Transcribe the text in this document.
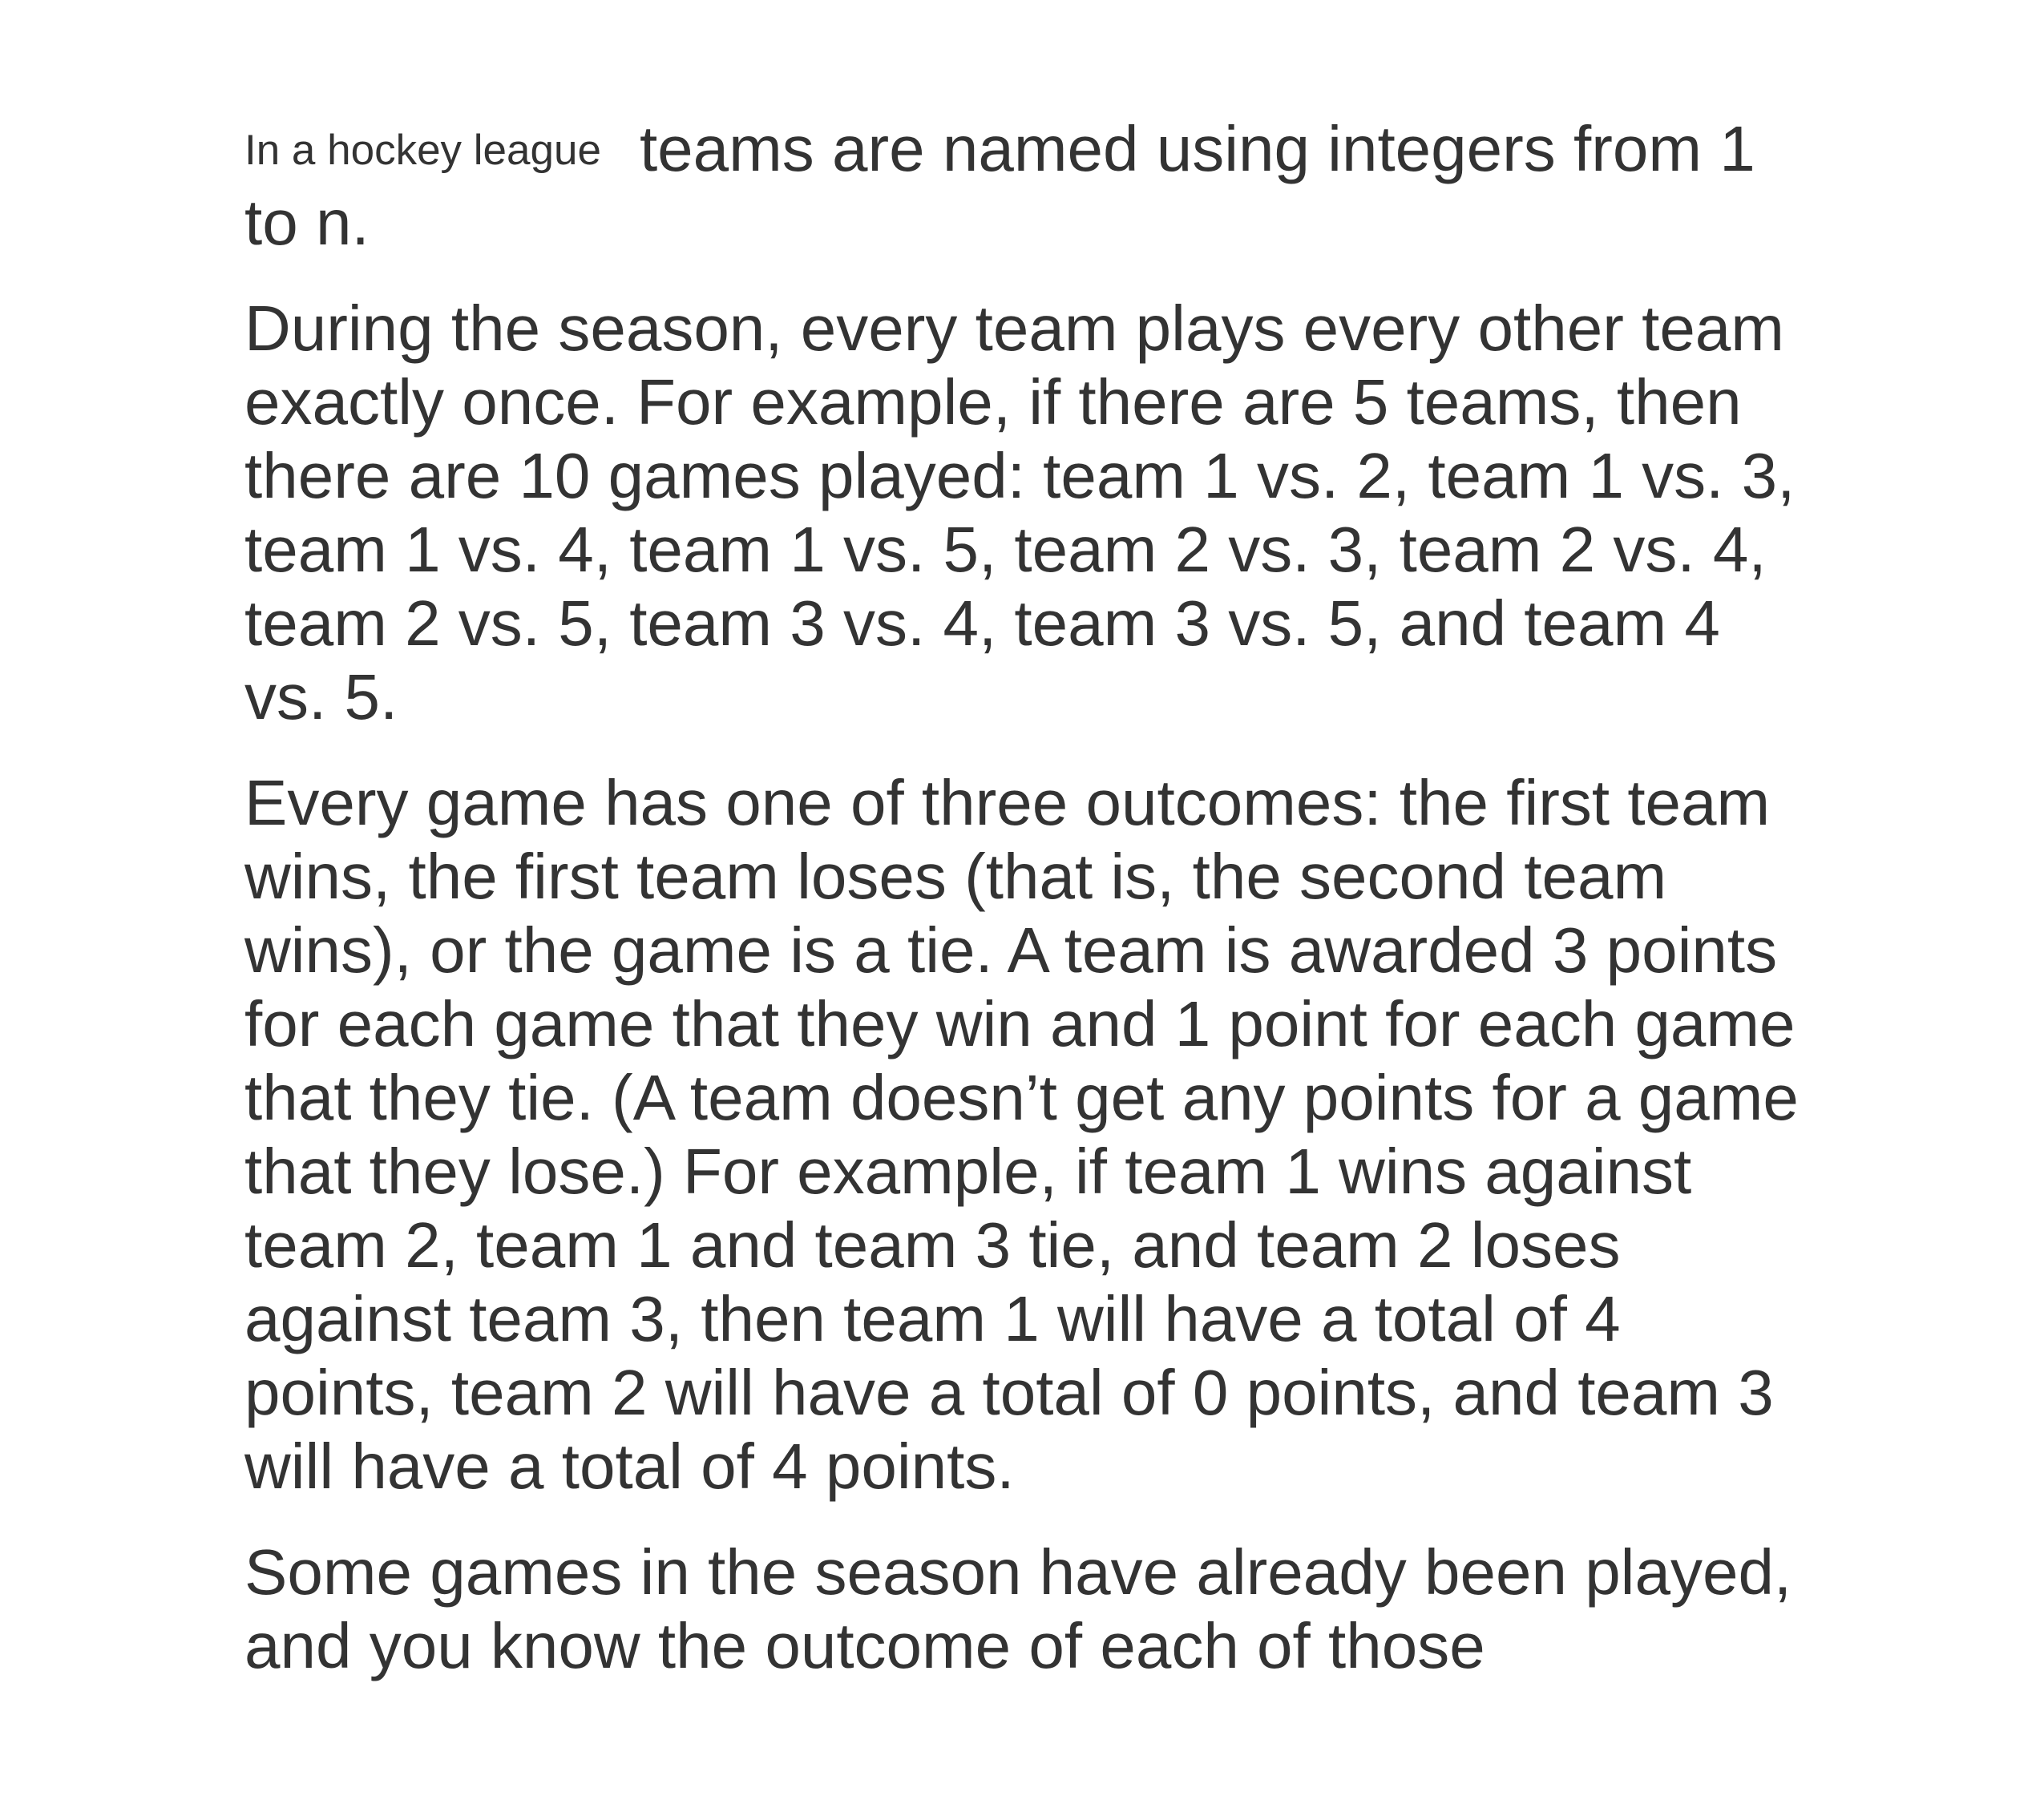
In a hockey league teams are named using integers from 1
to n.
During the season, every team plays every other team
exactly once. For example, if there are 5 teams, then
there are 10 games played: team 1 vs. 2, team 1 vs. 3,
team 1 vs. 4, team 1 vs. 5, team 2 vs. 3, team 2 vs. 4,
team 2 vs. 5, team 3 vs. 4, team 3 vs. 5, and team 4
vs. 5.
Every game has one of three outcomes: the first team
wins, the first team loses (that is, the second team
wins), or the game is a tie. A team is awarded 3 points
for each game that they win and 1 point for each game
that they tie. (A team doesn’t get any points for a game
that they lose.) For example, if team 1 wins against
team 2, team 1 and team 3 tie, and team 2 loses
against team 3, then team 1 will have a total of 4
points, team 2 will have a total of 0 points, and team 3
will have a total of 4 points.
Some games in the season have already been played,
and you know the outcome of each of those
